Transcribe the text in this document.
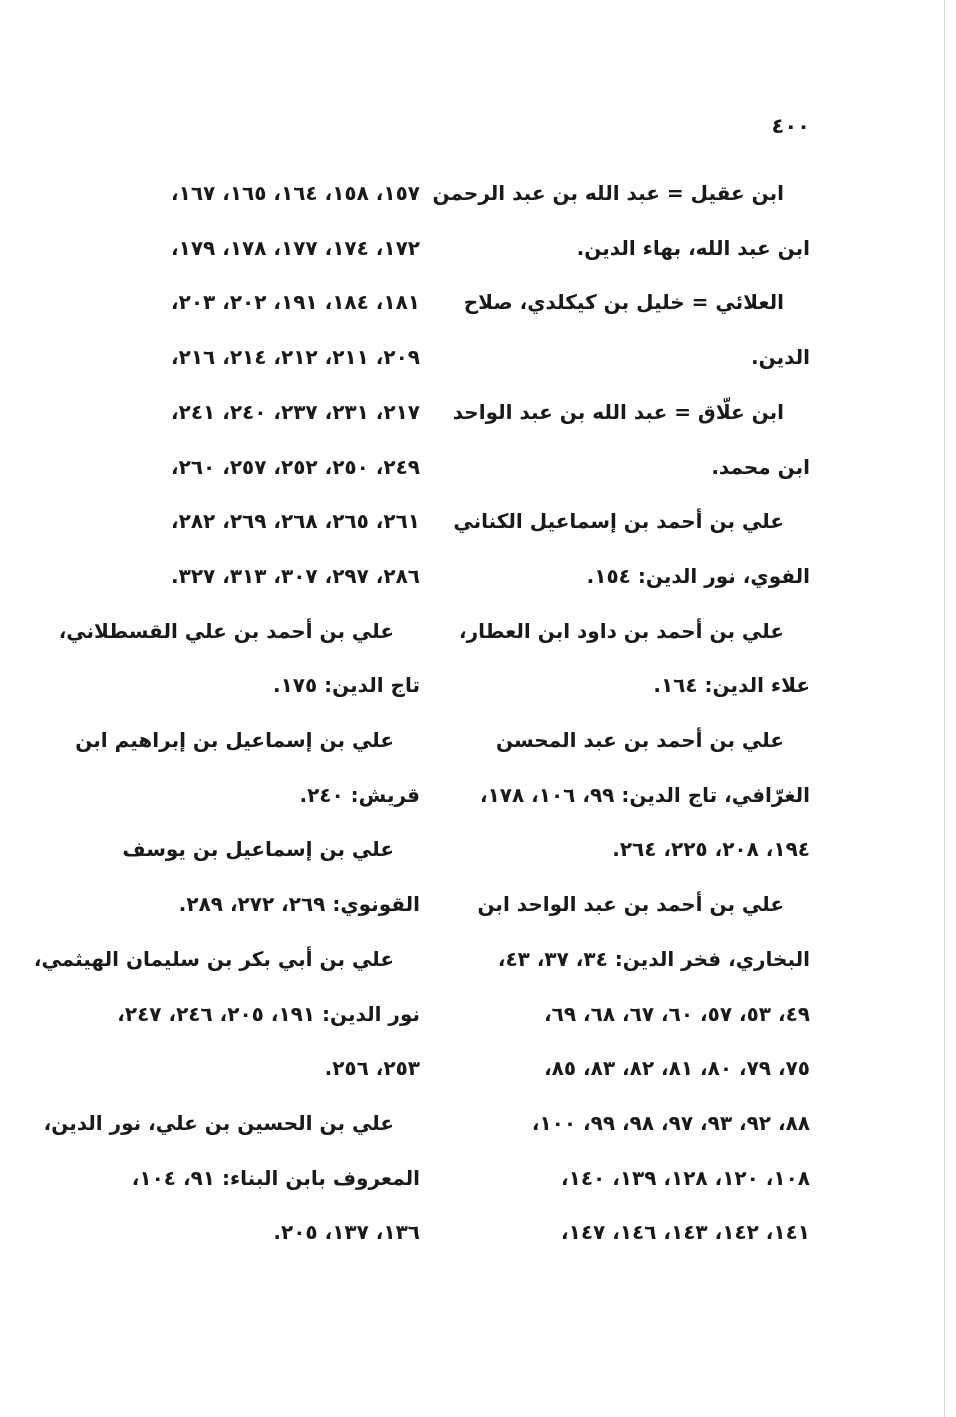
٤٠٠
ابن عقيل = عبد الله بن عبد الرحمن
ابن عبد الله، بهاء الدين.
العلائي = خليل بن كيكلدي، صلاح
الدين.
ابن علّاق = عبد الله بن عبد الواحد
ابن محمد.
علي بن أحمد بن إسماعيل الكناني
الفوي، نور الدين: ١٥٤.
علي بن أحمد بن داود ابن العطار،
علاء الدين: ١٦٤.
علي بن أحمد بن عبد المحسن
الغرّافي، تاج الدين: ٩٩، ١٠٦، ١٧٨،
١٩٤، ٢٠٨، ٢٢٥، ٢٦٤.
علي بن أحمد بن عبد الواحد ابن
البخاري، فخر الدين: ٣٤، ٣٧، ٤٣،
٤٩، ٥٣، ٥٧، ٦٠، ٦٧، ٦٨، ٦٩،
٧٥، ٧٩، ٨٠، ٨١، ٨٢، ٨٣، ٨٥،
٨٨، ٩٢، ٩٣، ٩٧، ٩٨، ٩٩، ١٠٠،
١٠٨، ١٢٠، ١٢٨، ١٣٩، ١٤٠،
١٤١، ١٤٢، ١٤٣، ١٤٦، ١٤٧،
١٥٧، ١٥٨، ١٦٤، ١٦٥، ١٦٧،
١٧٢، ١٧٤، ١٧٧، ١٧٨، ١٧٩،
١٨١، ١٨٤، ١٩١، ٢٠٢، ٢٠٣،
٢٠٩، ٢١١، ٢١٢، ٢١٤، ٢١٦،
٢١٧، ٢٣١، ٢٣٧، ٢٤٠، ٢٤١،
٢٤٩، ٢٥٠، ٢٥٢، ٢٥٧، ٢٦٠،
٢٦١، ٢٦٥، ٢٦٨، ٢٦٩، ٢٨٢،
٢٨٦، ٢٩٧، ٣٠٧، ٣١٣، ٣٢٧.
علي بن أحمد بن علي القسطلاني،
تاج الدين: ١٧٥.
علي بن إسماعيل بن إبراهيم ابن
قريش: ٢٤٠.
علي بن إسماعيل بن يوسف
القونوي: ٢٦٩، ٢٧٢، ٢٨٩.
علي بن أبي بكر بن سليمان الهيثمي،
نور الدين: ١٩١، ٢٠٥، ٢٤٦، ٢٤٧،
٢٥٣، ٢٥٦.
علي بن الحسين بن علي، نور الدين،
المعروف بابن البناء: ٩١، ١٠٤،
١٣٦، ١٣٧، ٢٠٥.
